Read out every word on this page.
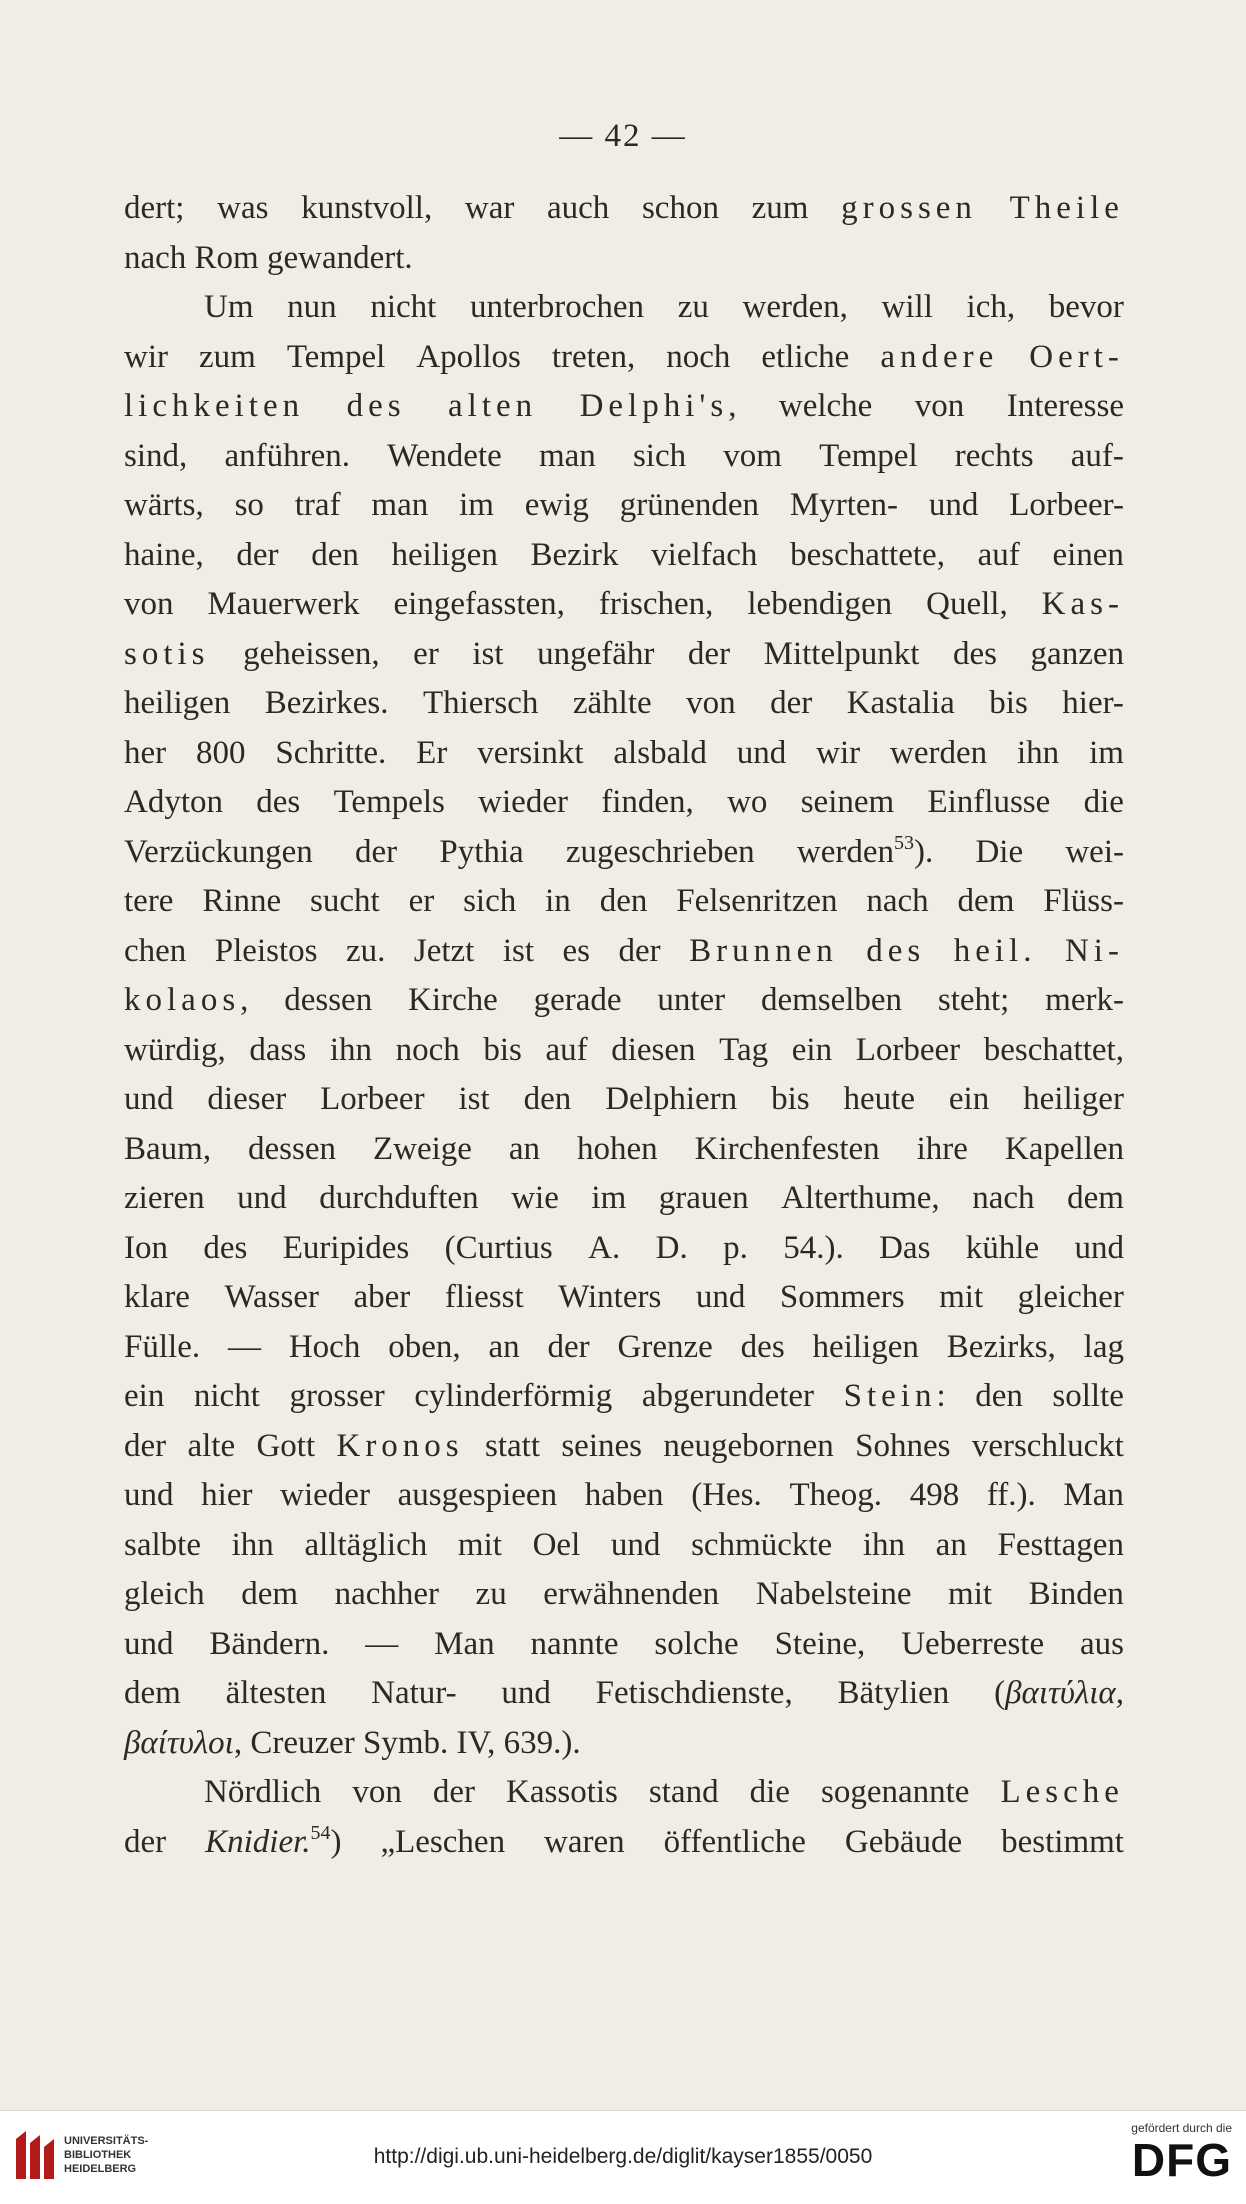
— 42 —
dert; was kunstvoll, war auch schon zum grossen Theile
nach Rom gewandert.
Um nun nicht unterbrochen zu werden, will ich, bevor
wir zum Tempel Apollos treten, noch etliche andere Oert-
lichkeiten des alten Delphi's, welche von Interesse
sind, anführen. Wendete man sich vom Tempel rechts auf-
wärts, so traf man im ewig grünenden Myrten- und Lorbeer-
haine, der den heiligen Bezirk vielfach beschattete, auf einen
von Mauerwerk eingefassten, frischen, lebendigen Quell, Kas-
sotis geheissen, er ist ungefähr der Mittelpunkt des ganzen
heiligen Bezirkes. Thiersch zählte von der Kastalia bis hier-
her 800 Schritte. Er versinkt alsbald und wir werden ihn im
Adyton des Tempels wieder finden, wo seinem Einflusse die
Verzückungen der Pythia zugeschrieben werden$^{53}$). Die wei-
tere Rinne sucht er sich in den Felsenritzen nach dem Flüss-
chen Pleistos zu. Jetzt ist es der Brunnen des heil. Ni-
kolaos, dessen Kirche gerade unter demselben steht; merk-
würdig, dass ihn noch bis auf diesen Tag ein Lorbeer beschattet,
und dieser Lorbeer ist den Delphiern bis heute ein heiliger
Baum, dessen Zweige an hohen Kirchenfesten ihre Kapellen
zieren und durchduften wie im grauen Alterthume, nach dem
Ion des Euripides (Curtius A. D. p. 54.). Das kühle und
klare Wasser aber fliesst Winters und Sommers mit gleicher
Fülle. — Hoch oben, an der Grenze des heiligen Bezirks, lag
ein nicht grosser cylinderförmig abgerundeter Stein: den sollte
der alte Gott Kronos statt seines neugebornen Sohnes verschluckt
und hier wieder ausgespieen haben (Hes. Theog. 498 ff.). Man
salbte ihn alltäglich mit Oel und schmückte ihn an Festtagen
gleich dem nachher zu erwähnenden Nabelsteine mit Binden
und Bändern. — Man nannte solche Steine, Ueberreste aus
dem ältesten Natur- und Fetischdienste, Bätylien (βαιτύλια,
βαίτυλοι , Creuzer Symb. IV, 639.).
Nördlich von der Kassotis stand die sogenannte Lesche
der Knidier.$^{54}$) „Leschen waren öffentliche Gebäude bestimmt
UNIVERSITÄTS-
BIBLIOTHEK
HEIDELBERG
http://digi.ub.uni-heidelberg.de/diglit/kayser1855/0050
gefördert durch die
DFG
